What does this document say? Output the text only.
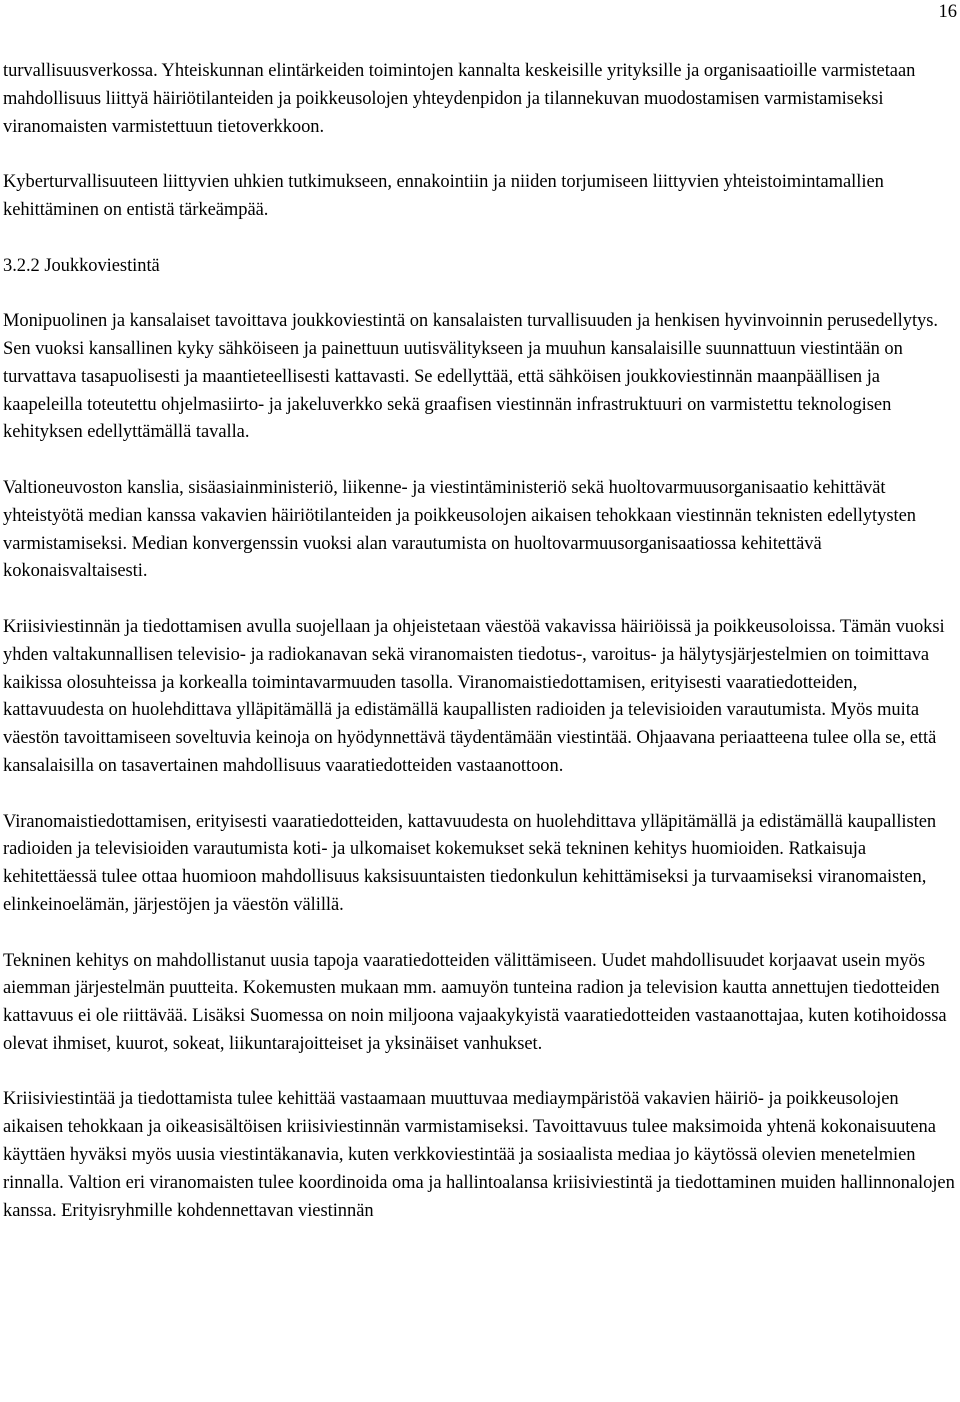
16

turvallisuusverkossa. Yhteiskunnan elintärkeiden toimintojen kannalta keskeisille yrityksille ja organisaatioille varmistetaan mahdollisuus liittyä häiriötilanteiden ja poikkeusolojen yhteydenpidon ja tilannekuvan muodostamisen varmistamiseksi viranomaisten varmistettuun tietoverkkoon.

Kyberturvallisuuteen liittyvien uhkien tutkimukseen, ennakointiin ja niiden torjumiseen liittyvien yhteistoimintamallien kehittäminen on entistä tärkeämpää.

3.2.2 Joukkoviestintä

Monipuolinen ja kansalaiset tavoittava joukkoviestintä on kansalaisten turvallisuuden ja henkisen hyvinvoinnin perusedellytys. Sen vuoksi kansallinen kyky sähköiseen ja painettuun uutisvälitykseen ja muuhun kansalaisille suunnattuun viestintään on turvattava tasapuolisesti ja maantieteellisesti kattavasti. Se edellyttää, että sähköisen joukkoviestinnän maanpäällisen ja kaapeleilla toteutettu ohjelmasiirto- ja jakeluverkko sekä graafisen viestinnän infrastruktuuri on varmistettu teknologisen kehityksen edellyttämällä tavalla.

Valtioneuvoston kanslia, sisäasiainministeriö, liikenne- ja viestintäministeriö sekä huoltovarmuusorganisaatio kehittävät yhteistyötä median kanssa vakavien häiriötilanteiden ja poikkeusolojen aikaisen tehokkaan viestinnän teknisten edellytysten varmistamiseksi. Median konvergenssin vuoksi alan varautumista on huoltovarmuusorganisaatiossa kehitettävä kokonaisvaltaisesti.

Kriisiviestinnän ja tiedottamisen avulla suojellaan ja ohjeistetaan väestöä vakavissa häiriöissä ja poikkeusoloissa. Tämän vuoksi yhden valtakunnallisen televisio- ja radiokanavan sekä viranomaisten tiedotus-, varoitus- ja hälytysjärjestelmien on toimittava kaikissa olosuhteissa ja korkealla toimintavarmuuden tasolla. Viranomaistiedottamisen, erityisesti vaaratiedotteiden, kattavuudesta on huolehdittava ylläpitämällä ja edistämällä kaupallisten radioiden ja televisioiden varautumista. Myös muita väestön tavoittamiseen soveltuvia keinoja on hyödynnettävä täydentämään viestintää. Ohjaavana periaatteena tulee olla se, että kansalaisilla on tasavertainen mahdollisuus vaaratiedotteiden vastaanottoon.

Viranomaistiedottamisen, erityisesti vaaratiedotteiden, kattavuudesta on huolehdittava ylläpitämällä ja edistämällä kaupallisten radioiden ja televisioiden varautumista koti- ja ulkomaiset kokemukset sekä tekninen kehitys huomioiden. Ratkaisuja kehitettäessä tulee ottaa huomioon mahdollisuus kaksisuuntaisten tiedonkulun kehittämiseksi ja turvaamiseksi viranomaisten, elinkeinoelämän, järjestöjen ja väestön välillä.

Tekninen kehitys on mahdollistanut uusia tapoja vaaratiedotteiden välittämiseen. Uudet mahdollisuudet korjaavat usein myös aiemman järjestelmän puutteita. Kokemusten mukaan mm. aamuyön tunteina radion ja television kautta annettujen tiedotteiden kattavuus ei ole riittävää. Lisäksi Suomessa on noin miljoona vajaakykyistä vaaratiedotteiden vastaanottajaa, kuten kotihoidossa olevat ihmiset, kuurot, sokeat, liikuntarajoitteiset ja yksinäiset vanhukset.

Kriisiviestintää ja tiedottamista tulee kehittää vastaamaan muuttuvaa mediaympäristöä vakavien häiriö- ja poikkeusolojen aikaisen tehokkaan ja oikeasisältöisen kriisiviestinnän varmistamiseksi. Tavoittavuus tulee maksimoida yhtenä kokonaisuutena käyttäen hyväksi myös uusia viestintäkanavia, kuten verkkoviestintää ja sosiaalista mediaa jo käytössä olevien menetelmien rinnalla. Valtion eri viranomaisten tulee koordinoida oma ja hallintoalansa kriisiviestintä ja tiedottaminen muiden hallinnonalojen kanssa. Erityisryhmille kohdennettavan viestinnän
